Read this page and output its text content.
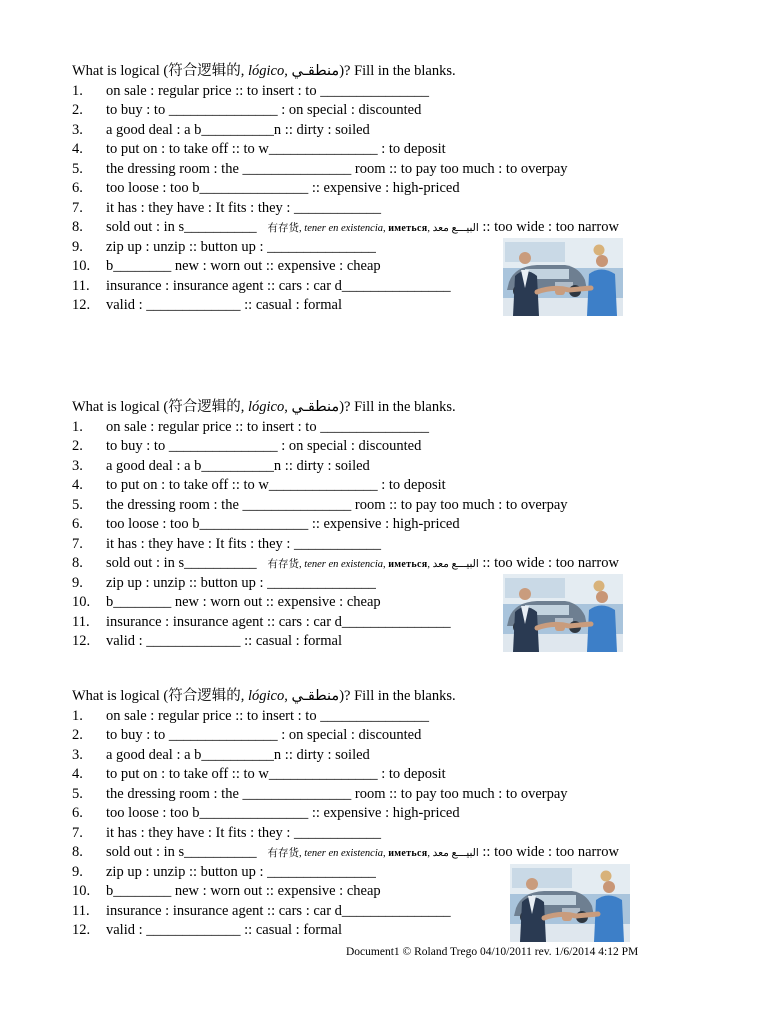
What is logical (符合逻辑的, lógico, منطقـي)? Fill in the blanks.
1. on sale : regular price :: to insert : to _______________
2. to buy : to _______________ : on special : discounted
3. a good deal : a b__________n :: dirty : soiled
4. to put on : to take off :: to w_______________ : to deposit
5. the dressing room : the _______________ room :: to pay too much : to overpay
6. too loose : too b_______________ :: expensive : high-priced
7. it has : they have : It fits : they : ____________
8. sold out : in s__________ 有存货, tener en existencia, иметься, البيـــع معد :: too wide : too narrow
9. zip up : unzip :: button up : _______________
10. b________ new : worn out :: expensive : cheap
11. insurance : insurance agent :: cars : car d_______________
12. valid : _____________ :: casual : formal
What is logical (符合逻辑的, lógico, منطقـي)? Fill in the blanks.
1. on sale : regular price :: to insert : to _______________
2. to buy : to _______________ : on special : discounted
3. a good deal : a b__________n :: dirty : soiled
4. to put on : to take off :: to w_______________ : to deposit
5. the dressing room : the _______________ room :: to pay too much : to overpay
6. too loose : too b_______________ :: expensive : high-priced
7. it has : they have : It fits : they : ____________
8. sold out : in s__________ 有存货, tener en existencia, иметься, البيـــع معد :: too wide : too narrow
9. zip up : unzip :: button up : _______________
10. b________ new : worn out :: expensive : cheap
11. insurance : insurance agent :: cars : car d_______________
12. valid : _____________ :: casual : formal
What is logical (符合逻辑的, lógico, منطقـي)? Fill in the blanks.
1. on sale : regular price :: to insert : to _______________
2. to buy : to _______________ : on special : discounted
3. a good deal : a b__________n :: dirty : soiled
4. to put on : to take off :: to w_______________ : to deposit
5. the dressing room : the _______________ room :: to pay too much : to overpay
6. too loose : too b_______________ :: expensive : high-priced
7. it has : they have : It fits : they : ____________
8. sold out : in s__________ 有存货, tener en existencia, иметься, البيـــع معد :: too wide : too narrow
9. zip up : unzip :: button up : _______________
10. b________ new : worn out :: expensive : cheap
11. insurance : insurance agent :: cars : car d_______________
12. valid : _____________ :: casual : formal
Document1 © Roland Trego 04/10/2011 rev. 1/6/2014 4:12 PM
